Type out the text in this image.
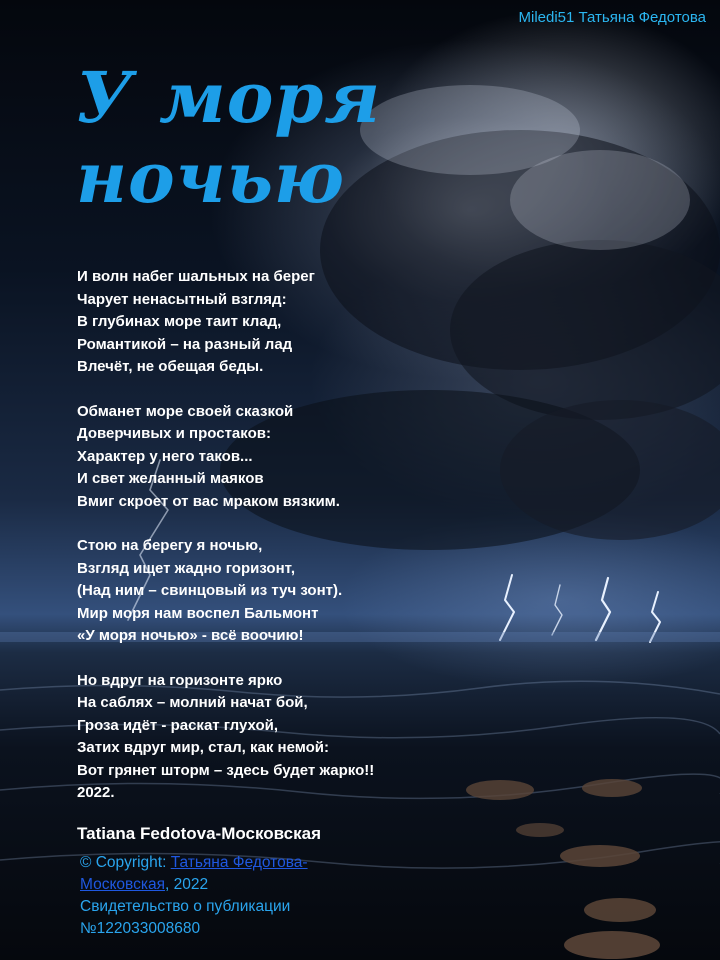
Miledi51 Татьяна Федотова
У моря
ночью

И волн набег шальных на берег
Чарует ненасытный взгляд:
В глубинах море таит клад,
Романтикой – на разный лад
Влечёт, не обещая беды.

Обманет море своей сказкой
Доверчивых и простаков:
Характер у него таков...
И свет желанный маяков
Вмиг скроет от вас мраком вязким.

Стою на берегу я ночью,
Взгляд ищет жадно горизонт,
(Над ним – свинцовый из туч зонт).
Мир моря нам воспел Бальмонт
«У моря ночью» - всё воочию!

Но вдруг на горизонте ярко
На саблях – молний начат бой,
Гроза идёт - раскат глухой,
Затих вдруг мир, стал, как немой:
Вот грянет шторм – здесь будет жарко!!
2022.

Tatiana Fedotova-Московская
© Copyright: Татьяна Федотова-Московская, 2022
Свидетельство о публикации
№122033008680
